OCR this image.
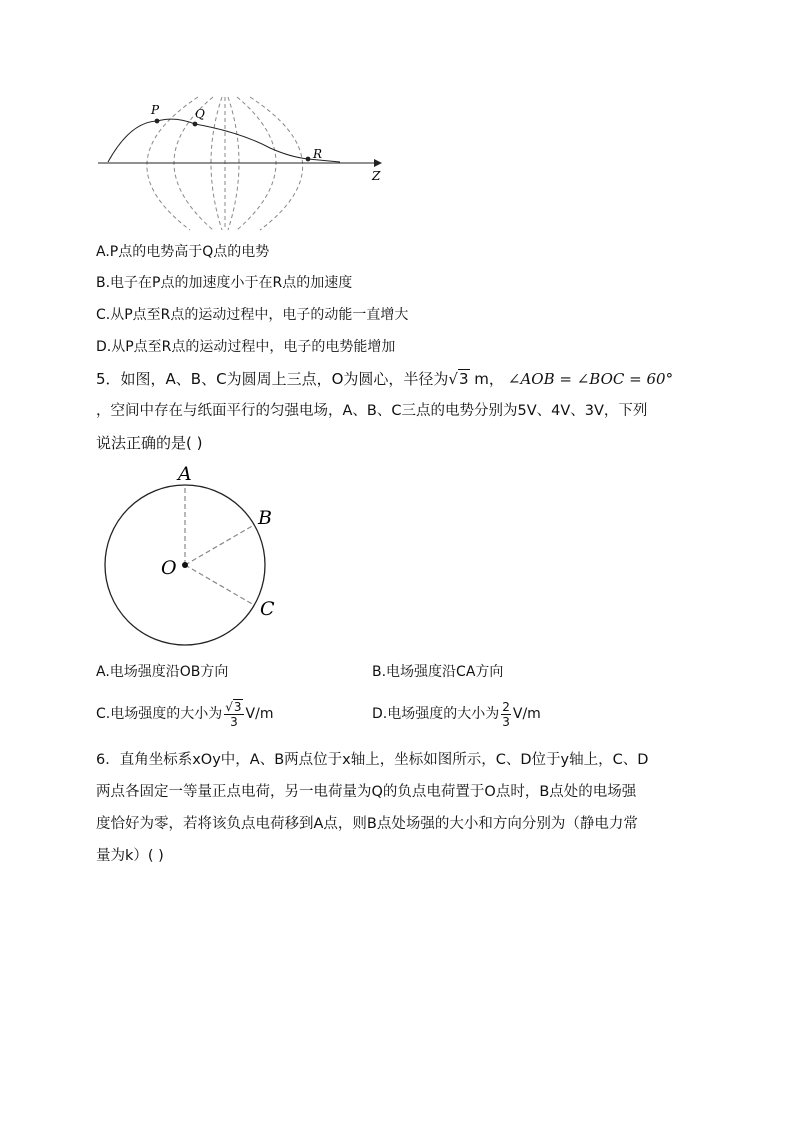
P	Q
R
Z
A.P点的电势高于Q点的电势
B.电子在P点的加速度小于在R点的加速度
C.从P点至R点的运动过程中，电子的动能一直增大
D.从P点至R点的运动过程中，电子的电势能增加
5．如图，A、B、C为圆周上三点，O为圆心，半径为√3 m， ∠AOB = ∠BOC = 60°
，空间中存在与纸面平行的匀强电场，A、B、C三点的电势分别为5V、4V、3V，下列
说法正确的是( )
A
B
C
O
A.电场强度沿OB方向	B.电场强度沿CA方向
C.电场强度的大小为 $\frac{√3}{3} V/m$	D.电场强度的大小为 $\frac{2}{3} V/m$
6．直角坐标系xOy中，A、B两点位于x轴上，坐标如图所示，C、D位于y轴上，C、D
两点各固定一等量正点电荷，另一电荷量为Q的负点电荷置于O点时，B点处的电场强
度恰好为零，若将该负点电荷移到A点，则B点处场强的大小和方向分别为（静电力常
量为k）( )
